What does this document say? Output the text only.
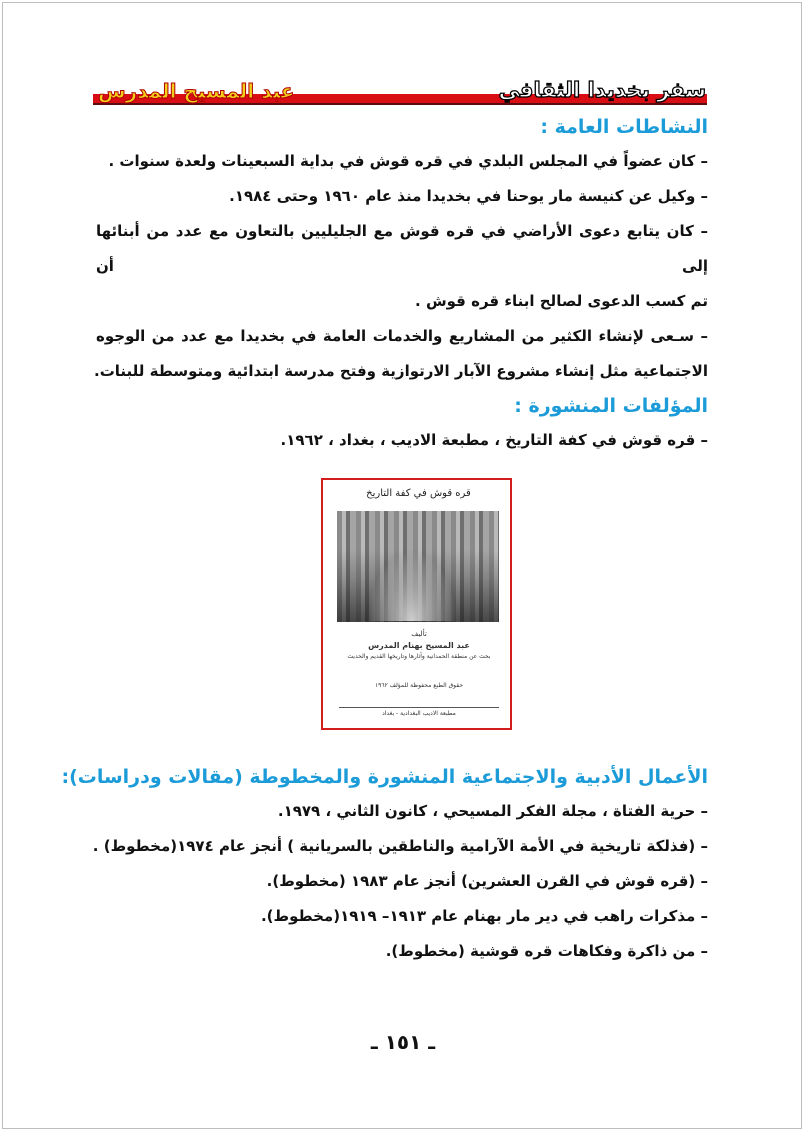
سفر بخديدا الثقافي
عبد المسيح المدرس

النشاطات العامة :

– كان عضواً في المجلس البلدي في قره قوش في بداية السبعينات ولعدة سنوات .

– وكيل عن كنيسة مار يوحنا في بخديدا منذ عام ١٩٦٠ وحتى ١٩٨٤.

– كان يتابع دعوى الأراضي في قره قوش مع الجليليين بالتعاون مع عدد من أبنائها إلى أن

تم كسب الدعوى لصالح ابناء قره قوش .

– سـعى لإنشاء الكثير من المشاريع والخدمات العامة في بخديدا مع عدد من الوجوه

الاجتماعية مثل إنشاء مشروع الآبار الارتوازية وفتح مدرسة ابتدائية ومتوسطة للبنات.

المؤلفات المنشورة :

– قره قوش في كفة التاريخ ، مطبعة الاديب ، بغداد ، ١٩٦٢.

قره قوش في كفة التاريخ
تأليف
عبد المسيح بهنام المدرس
بحث عن منطقة الحمدانية وآثارها وتاريخها القديم والحديث
حقوق الطبع محفوظة للمؤلف ١٩٦٢
مطبعة الاديب البغدادية - بغداد

الأعمال الأدبية والاجتماعية المنشورة والمخطوطة (مقالات ودراسات):

– حرية الفتاة ، مجلة الفكر المسيحي ، كانون الثاني ، ١٩٧٩.

– (فذلكة تاريخية في الأمة الآرامية والناطقين بالسريانية ) أنجز عام ١٩٧٤(مخطوط) .

– (قره قوش في القرن العشرين) أنجز عام ١٩٨٣ (مخطوط).

– مذكرات راهب في دير مار بهنام عام ١٩١٣– ١٩١٩(مخطوط).

– من ذاكرة وفكاهات قره قوشية (مخطوط).

ـ ١٥١ ـ
